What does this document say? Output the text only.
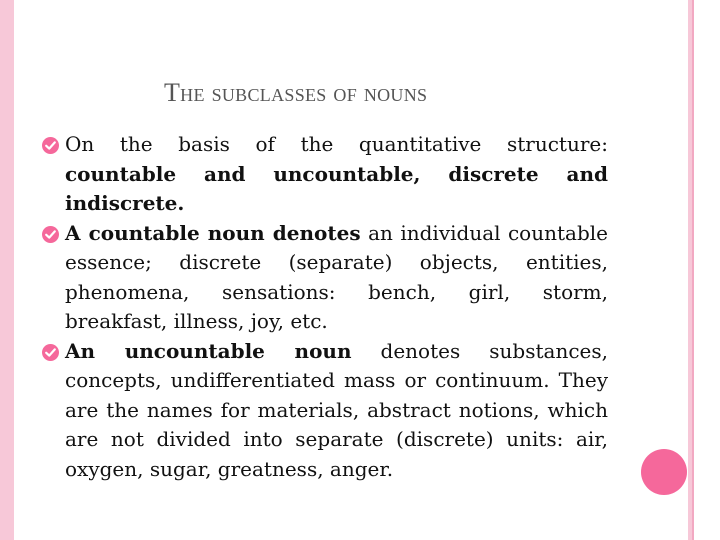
The subclasses of nouns

On the basis of the quantitative structure: countable and uncountable, discrete and indiscrete.

A countable noun denotes an individual countable essence; discrete (separate) objects, entities, phenomena, sensations: bench, girl, storm, breakfast, illness, joy, etc.

An uncountable noun denotes substances, concepts, undifferentiated mass or continuum. They are the names for materials, abstract notions, which are not divided into separate (discrete) units: air, oxygen, sugar, greatness, anger.
